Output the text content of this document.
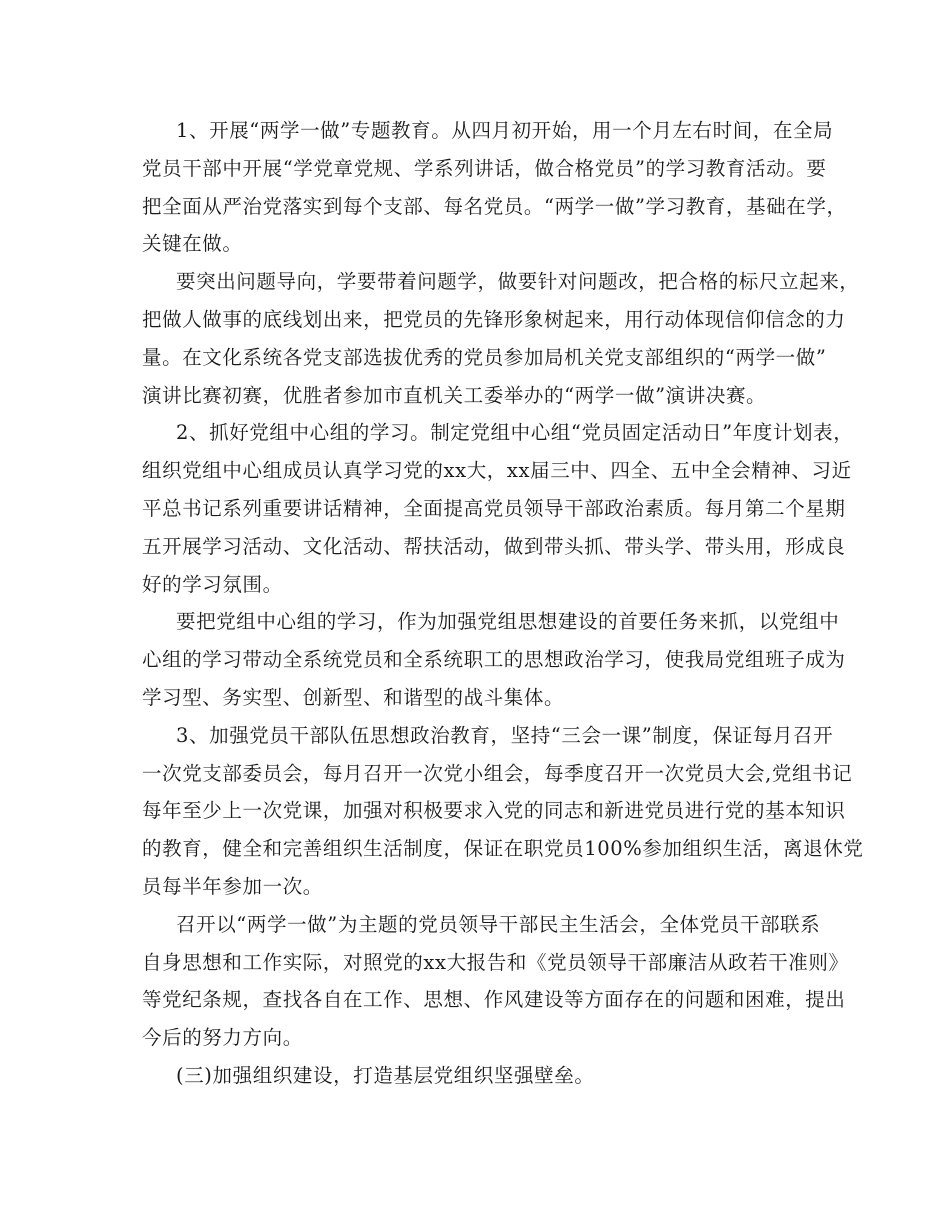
1、开展“两学一做”专题教育。从四月初开始，用一个月左右时间，在全局
党员干部中开展“学党章党规、学系列讲话，做合格党员”的学习教育活动。要
把全面从严治党落实到每个支部、每名党员。“两学一做”学习教育，基础在学，
关键在做。
要突出问题导向，学要带着问题学，做要针对问题改，把合格的标尺立起来，
把做人做事的底线划出来，把党员的先锋形象树起来，用行动体现信仰信念的力
量。在文化系统各党支部选拔优秀的党员参加局机关党支部组织的“两学一做”
演讲比赛初赛，优胜者参加市直机关工委举办的“两学一做”演讲决赛。
2、抓好党组中心组的学习。制定党组中心组“党员固定活动日”年度计划表，
组织党组中心组成员认真学习党的xx大，xx届三中、四全、五中全会精神、习近
平总书记系列重要讲话精神，全面提高党员领导干部政治素质。每月第二个星期
五开展学习活动、文化活动、帮扶活动，做到带头抓、带头学、带头用，形成良
好的学习氛围。
要把党组中心组的学习，作为加强党组思想建设的首要任务来抓，以党组中
心组的学习带动全系统党员和全系统职工的思想政治学习，使我局党组班子成为
学习型、务实型、创新型、和谐型的战斗集体。
3、加强党员干部队伍思想政治教育，坚持“三会一课”制度，保证每月召开
一次党支部委员会，每月召开一次党小组会，每季度召开一次党员大会,党组书记
每年至少上一次党课，加强对积极要求入党的同志和新进党员进行党的基本知识
的教育，健全和完善组织生活制度，保证在职党员100%参加组织生活，离退休党
员每半年参加一次。
召开以“两学一做”为主题的党员领导干部民主生活会，全体党员干部联系
自身思想和工作实际，对照党的xx大报告和《党员领导干部廉洁从政若干准则》
等党纪条规，查找各自在工作、思想、作风建设等方面存在的问题和困难，提出
今后的努力方向。
(三)加强组织建设，打造基层党组织坚强壁垒。
